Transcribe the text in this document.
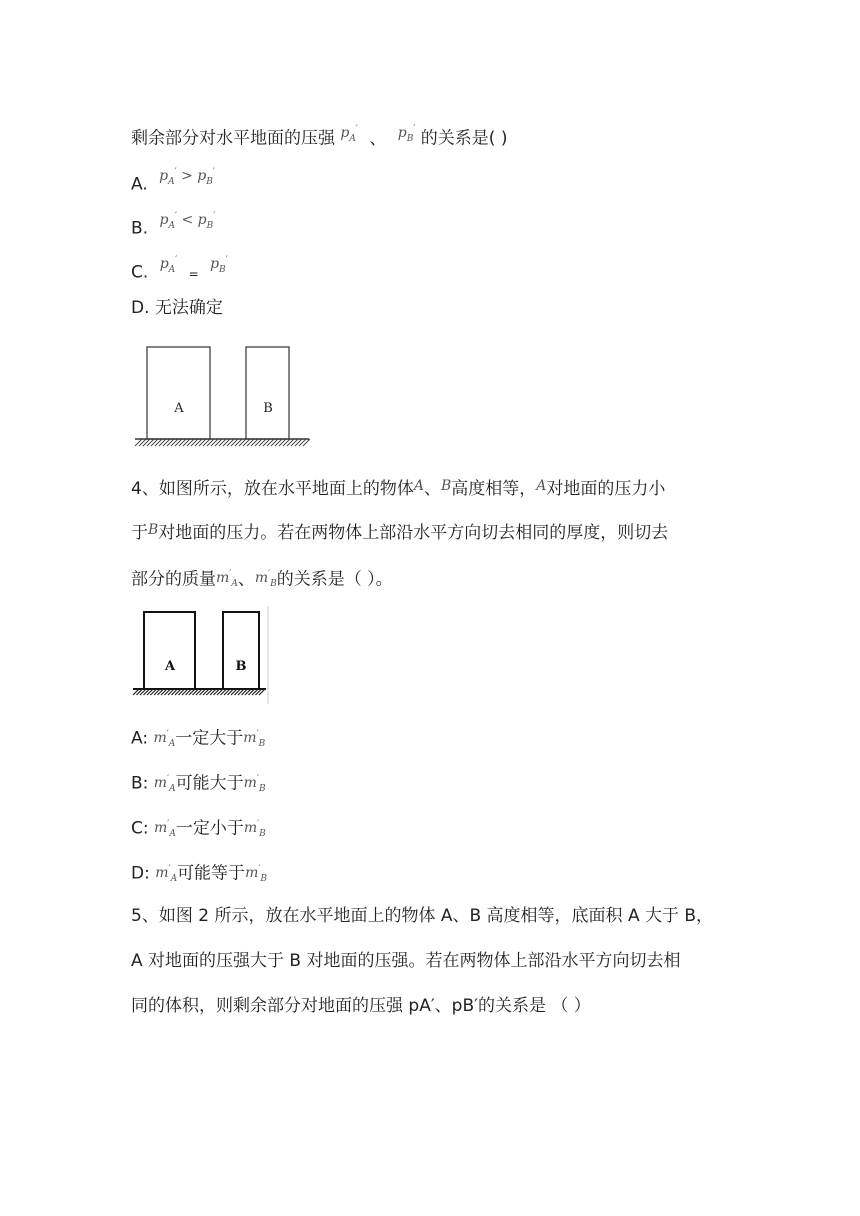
剩余部分对水平地面的压强 $^{p_A'}$ 、 $^{p_B'}$ 的关系是( )
A. $^{p_A' > p_B'}$
B. $^{p_A' < p_B'}$
C. $^{p_A'}$ = $^{p_B'}$
D. 无法确定
A	B
4、如图所示，放在水平地面上的物体$^A$、$^B$高度相等，$^A$对地面的压力小
于$^B$对地面的压力。若在两物体上部沿水平方向切去相同的厚度，则切去
部分的质量$m'_A$、$m'_B$的关系是（ ）。
A	B
A: $m'_A$一定大于$m'_B$
B: $m'_A$可能大于$m'_B$
C: $m'_A$一定小于$m'_B$
D: $m'_A$可能等于$m'_B$
5、如图 2 所示，放在水平地面上的物体 A、B 高度相等，底面积 A 大于 B，
A 对地面的压强大于 B 对地面的压强。若在两物体上部沿水平方向切去相
同的体积，则剩余部分对地面的压强 pA′、pB′的关系是 （ ）
